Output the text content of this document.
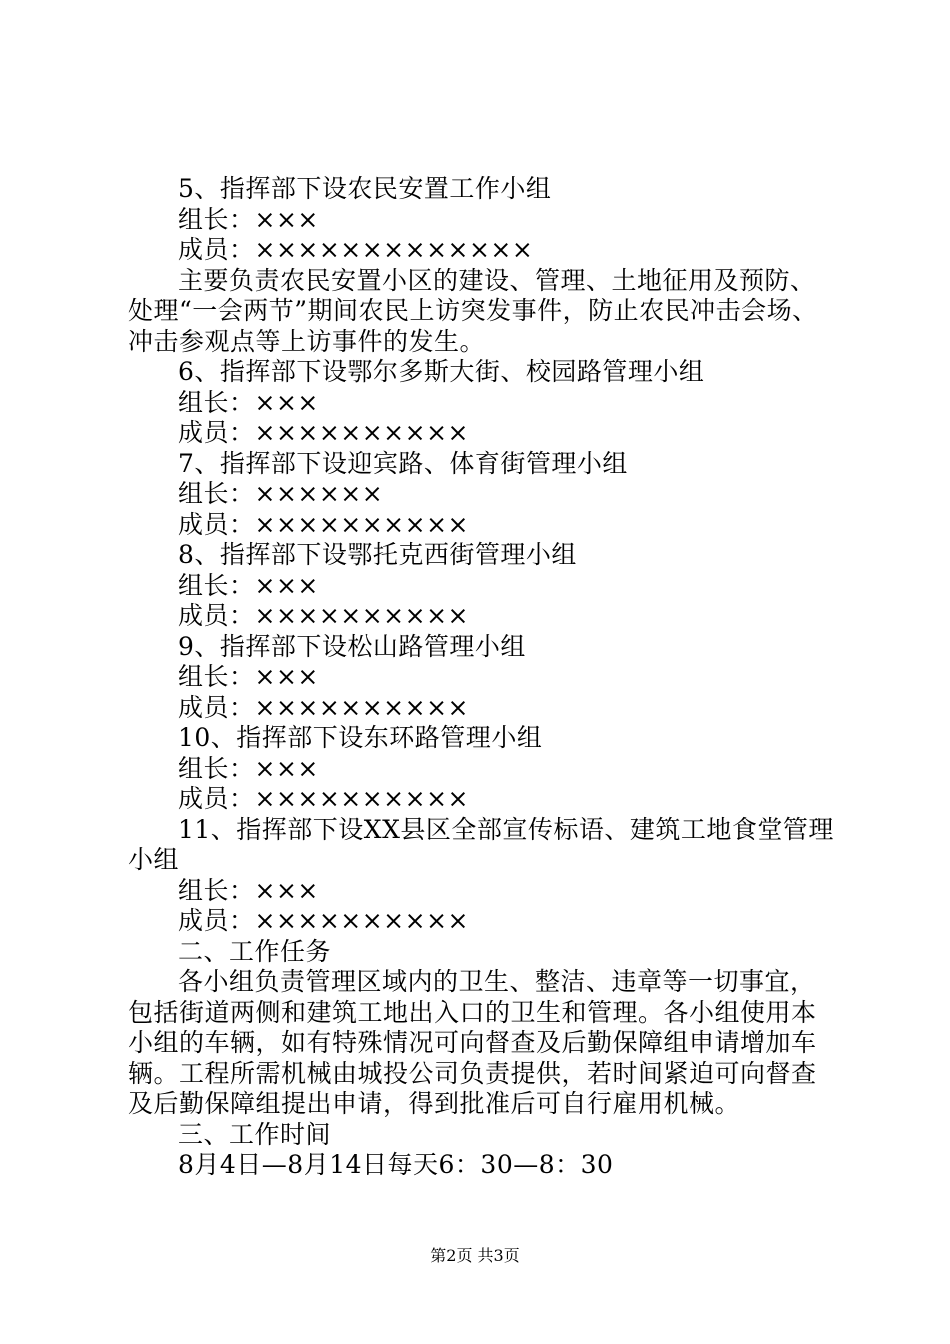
5、指挥部下设农民安置工作小组

组长：×××

成员：×××××××××××××

主要负责农民安置小区的建设、管理、土地征用及预防、

处理“一会两节”期间农民上访突发事件，防止农民冲击会场、

冲击参观点等上访事件的发生。

6、指挥部下设鄂尔多斯大街、校园路管理小组

组长：×××

成员：××××××××××

7、指挥部下设迎宾路、体育街管理小组

组长：××××××

成员：××××××××××

8、指挥部下设鄂托克西街管理小组

组长：×××

成员：××××××××××

9、指挥部下设松山路管理小组

组长：×××

成员：××××××××××

10、指挥部下设东环路管理小组

组长：×××

成员：××××××××××

11、指挥部下设XX县区全部宣传标语、建筑工地食堂管理

小组

组长：×××

成员：××××××××××

二、工作任务

各小组负责管理区域内的卫生、整洁、违章等一切事宜，

包括街道两侧和建筑工地出入口的卫生和管理。各小组使用本

小组的车辆，如有特殊情况可向督查及后勤保障组申请增加车

辆。工程所需机械由城投公司负责提供，若时间紧迫可向督查

及后勤保障组提出申请，得到批准后可自行雇用机械。

三、工作时间

8月4日—8月14日每天6：30—8：30

第2页 共3页
